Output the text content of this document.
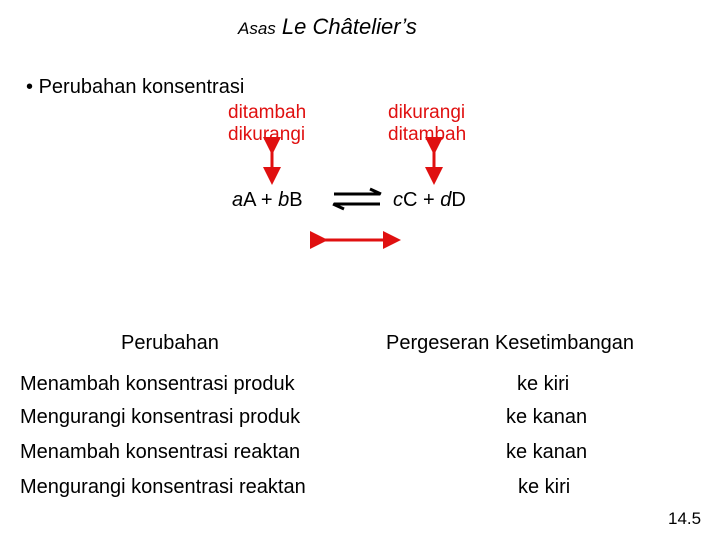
Asas Le Châtelier’s
• Perubahan konsentrasi
ditambah
dikurangi
dikurangi
ditambah
aA + bB	cC + dD
Perubahan	Pergeseran Kesetimbangan
Menambah konsentrasi produk
Mengurangi konsentrasi produk
Menambah konsentrasi reaktan
Mengurangi konsentrasi reaktan
ke kiri
ke kanan
ke kanan
ke kiri
14.5
